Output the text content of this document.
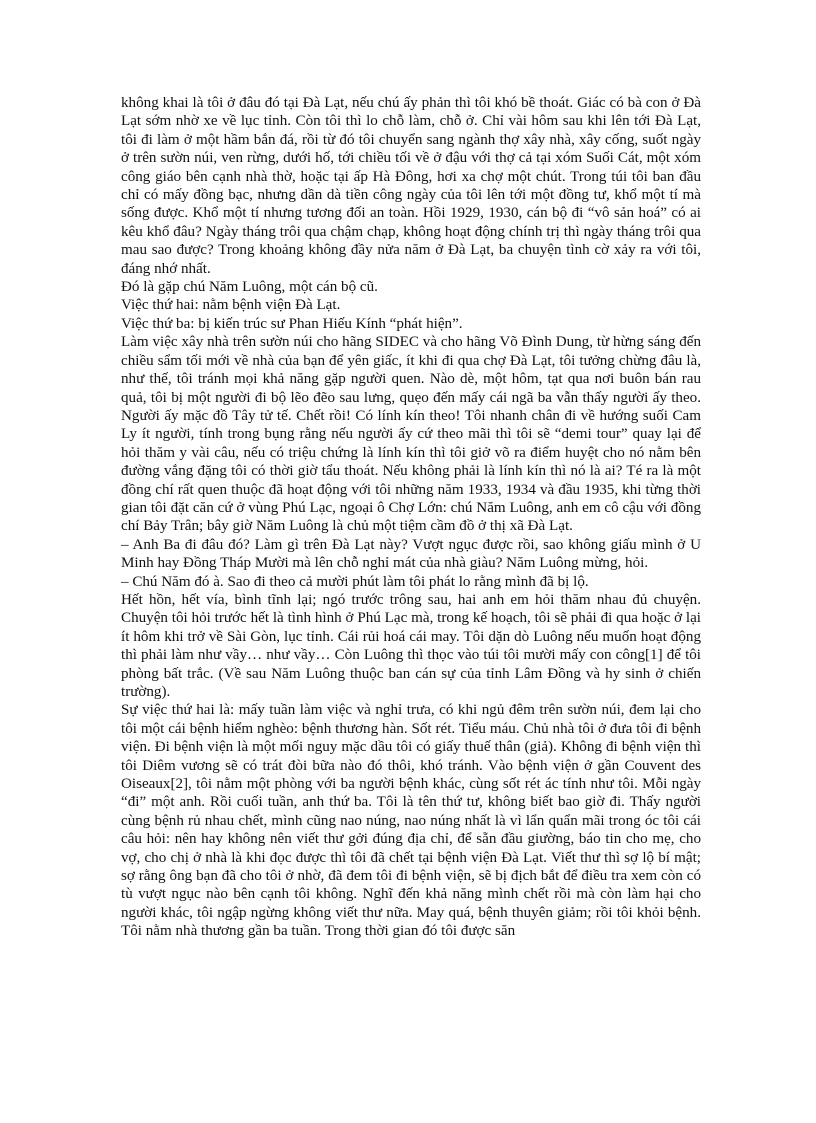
không khai là tôi ở đâu đó tại Đà Lạt, nếu chú ấy phản thì tôi khó bề thoát. Giác có bà con ở Đà Lạt sớm nhờ xe về lục tỉnh. Còn tôi thì lo chỗ làm, chỗ ở. Chỉ vài hôm sau khi lên tới Đà Lạt, tôi đi làm ở một hầm bắn đá, rồi từ đó tôi chuyển sang ngành thợ xây nhà, xây cống, suốt ngày ở trên sườn núi, ven rừng, dưới hố, tới chiều tối về ở đậu với thợ cả tại xóm Suối Cát, một xóm công giáo bên cạnh nhà thờ, hoặc tại ấp Hà Đông, hơi xa chợ một chút. Trong túi tôi ban đầu chỉ có mấy đồng bạc, nhưng dần dà tiền công ngày của tôi lên tới một đồng tư, khổ một tí mà sống được. Khổ một tí nhưng tương đối an toàn. Hồi 1929, 1930, cán bộ đi “vô sản hoá” có ai kêu khổ đâu? Ngày tháng trôi qua chậm chạp, không hoạt động chính trị thì ngày tháng trôi qua mau sao được? Trong khoảng không đầy nửa năm ở Đà Lạt, ba chuyện tình cờ xảy ra với tôi, đáng nhớ nhất.

Đó là gặp chú Năm Luông, một cán bộ cũ.

Việc thứ hai: nằm bệnh viện Đà Lạt.

Việc thứ ba: bị kiến trúc sư Phan Hiếu Kính “phát hiện”.

Làm việc xây nhà trên sườn núi cho hãng SIDEC và cho hãng Võ Đình Dung, từ hừng sáng đến chiều sẩm tối mới về nhà của bạn để yên giấc, ít khi đi qua chợ Đà Lạt, tôi tưởng chừng đâu là, như thế, tôi tránh mọi khả năng gặp người quen. Nào dè, một hôm, tạt qua nơi buôn bán rau quả, tôi bị một người đi bộ lẽo đẽo sau lưng, quẹo đến mấy cái ngã ba vẫn thấy người ấy theo. Người ấy mặc đồ Tây tử tế. Chết rồi! Có lính kín theo! Tôi nhanh chân đi về hướng suối Cam Ly ít người, tính trong bụng rằng nếu người ấy cứ theo mãi thì tôi sẽ “demi tour” quay lại để hỏi thăm y vài câu, nếu có triệu chứng là lính kín thì tôi giở võ ra điểm huyệt cho nó nằm bên đường vắng đặng tôi có thời giờ tẩu thoát. Nếu không phải là lính kín thì nó là ai? Té ra là một đồng chí rất quen thuộc đã hoạt động với tôi những năm 1933, 1934 và đầu 1935, khi từng thời gian tôi đặt căn cứ ở vùng Phú Lạc, ngoại ô Chợ Lớn: chú Năm Luông, anh em cô cậu với đồng chí Bảy Trân; bây giờ Năm Luông là chủ một tiệm cầm đồ ở thị xã Đà Lạt.

– Anh Ba đi đâu đó? Làm gì trên Đà Lạt này? Vượt ngục được rồi, sao không giấu mình ở U Minh hay Đồng Tháp Mười mà lên chỗ nghỉ mát của nhà giàu? Năm Luông mừng, hỏi.

– Chú Năm đó à. Sao đi theo cả mười phút làm tôi phát lo rằng mình đã bị lộ.

Hết hồn, hết vía, bình tĩnh lại; ngó trước trông sau, hai anh em hỏi thăm nhau đủ chuyện. Chuyện tôi hỏi trước hết là tình hình ở Phú Lạc mà, trong kế hoạch, tôi sẽ phải đi qua hoặc ở lại ít hôm khi trở về Sài Gòn, lục tỉnh. Cái rủi hoá cái may. Tôi dặn dò Luông nếu muốn hoạt động thì phải làm như vầy… như vầy… Còn Luông thì thọc vào túi tôi mười mấy con công[1] để tôi phòng bất trắc. (Về sau Năm Luông thuộc ban cán sự của tỉnh Lâm Đồng và hy sinh ở chiến trường).

Sự việc thứ hai là: mấy tuần làm việc và nghỉ trưa, có khi ngủ đêm trên sườn núi, đem lại cho tôi một cái bệnh hiểm nghèo: bệnh thương hàn. Sốt rét. Tiểu máu. Chủ nhà tôi ở đưa tôi đi bệnh viện. Đi bệnh viện là một mối nguy mặc dầu tôi có giấy thuế thân (giả). Không đi bệnh viện thì tôi Diêm vương sẽ có trát đòi bữa nào đó thôi, khó tránh. Vào bệnh viện ở gần Couvent des Oiseaux[2], tôi nằm một phòng với ba người bệnh khác, cùng sốt rét ác tính như tôi. Mỗi ngày “đi” một anh. Rồi cuối tuần, anh thứ ba. Tôi là tên thứ tư, không biết bao giờ đi. Thấy người cùng bệnh rủ nhau chết, mình cũng nao núng, nao núng nhất là vì lẩn quẩn mãi trong óc tôi cái câu hỏi: nên hay không nên viết thư gởi đúng địa chỉ, để sẵn đầu giường, báo tin cho mẹ, cho vợ, cho chị ở nhà là khi đọc được thì tôi đã chết tại bệnh viện Đà Lạt. Viết thư thì sợ lộ bí mật; sợ rằng ông bạn đã cho tôi ở nhờ, đã đem tôi đi bệnh viện, sẽ bị địch bắt để điều tra xem còn có tù vượt ngục nào bên cạnh tôi không. Nghĩ đến khả năng mình chết rồi mà còn làm hại cho người khác, tôi ngập ngừng không viết thư nữa. May quá, bệnh thuyên giảm; rồi tôi khỏi bệnh. Tôi nằm nhà thương gần ba tuần. Trong thời gian đó tôi được săn
